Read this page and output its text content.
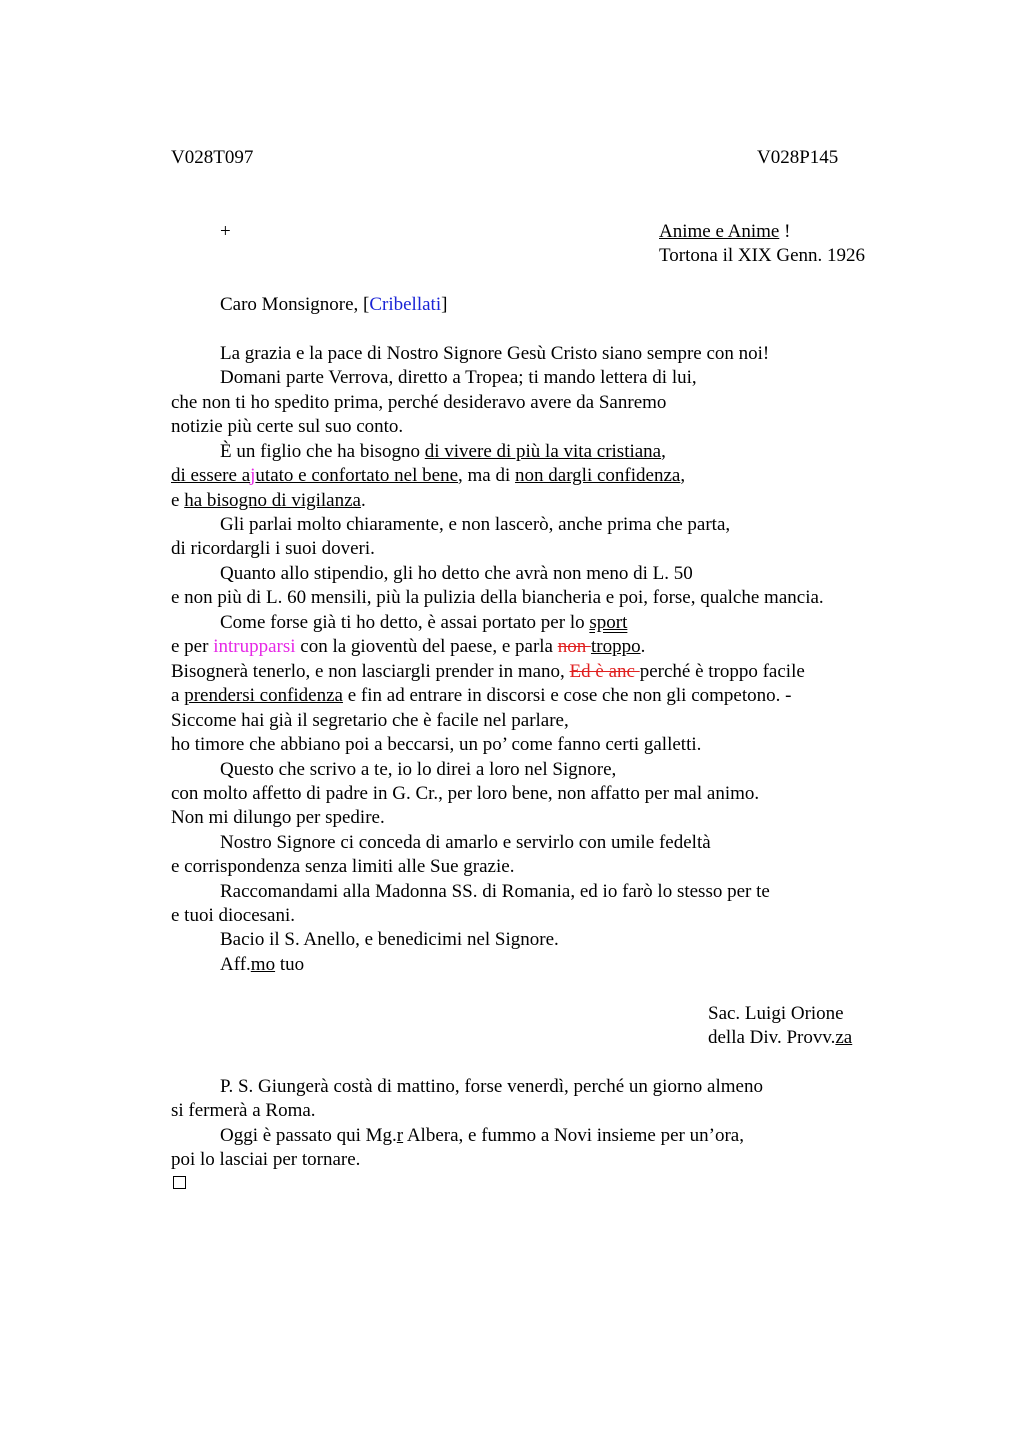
V028T097	V028P145
+	Anime e Anime !
Tortona il XIX Genn. 1926
Caro Monsignore, [Cribellati]
La grazia e la pace di Nostro Signore Gesù Cristo siano sempre con noi!
Domani parte Verrova, diretto a Tropea; ti mando lettera di lui,
che non ti ho spedito prima, perché desideravo avere da Sanremo
notizie più certe sul suo conto.
È un figlio che ha bisogno di vivere di più la vita cristiana,
di essere ajutato e confortato nel bene, ma di non dargli confidenza,
e ha bisogno di vigilanza.
Gli parlai molto chiaramente, e non lascerò, anche prima che parta,
di ricordargli i suoi doveri.
Quanto allo stipendio, gli ho detto che avrà non meno di L. 50
e non più di L. 60 mensili, più la pulizia della biancheria e poi, forse, qualche mancia.
Come forse già ti ho detto, è assai portato per lo sport
e per intrupparsi con la gioventù del paese, e parla non troppo.
Bisognerà tenerlo, e non lasciargli prender in mano, Ed è anc perché è troppo facile
a prendersi confidenza e fin ad entrare in discorsi e cose che non gli competono. -
Siccome hai già il segretario che è facile nel parlare,
ho timore che abbiano poi a beccarsi, un po’ come fanno certi galletti.
Questo che scrivo a te, io lo direi a loro nel Signore,
con molto affetto di padre in G. Cr., per loro bene, non affatto per mal animo.
Non mi dilungo per spedire.
Nostro Signore ci conceda di amarlo e servirlo con umile fedeltà
e corrispondenza senza limiti alle Sue grazie.
Raccomandami alla Madonna SS. di Romania, ed io farò lo stesso per te
e tuoi diocesani.
Bacio il S. Anello, e benedicimi nel Signore.
Aff.mo tuo
Sac. Luigi Orione
della Div. Provv.za
P. S. Giungerà costà di mattino, forse venerdì, perché un giorno almeno
si fermerà a Roma.
Oggi è passato qui Mg.r Albera, e fummo a Novi insieme per un’ora,
poi lo lasciai per tornare.
